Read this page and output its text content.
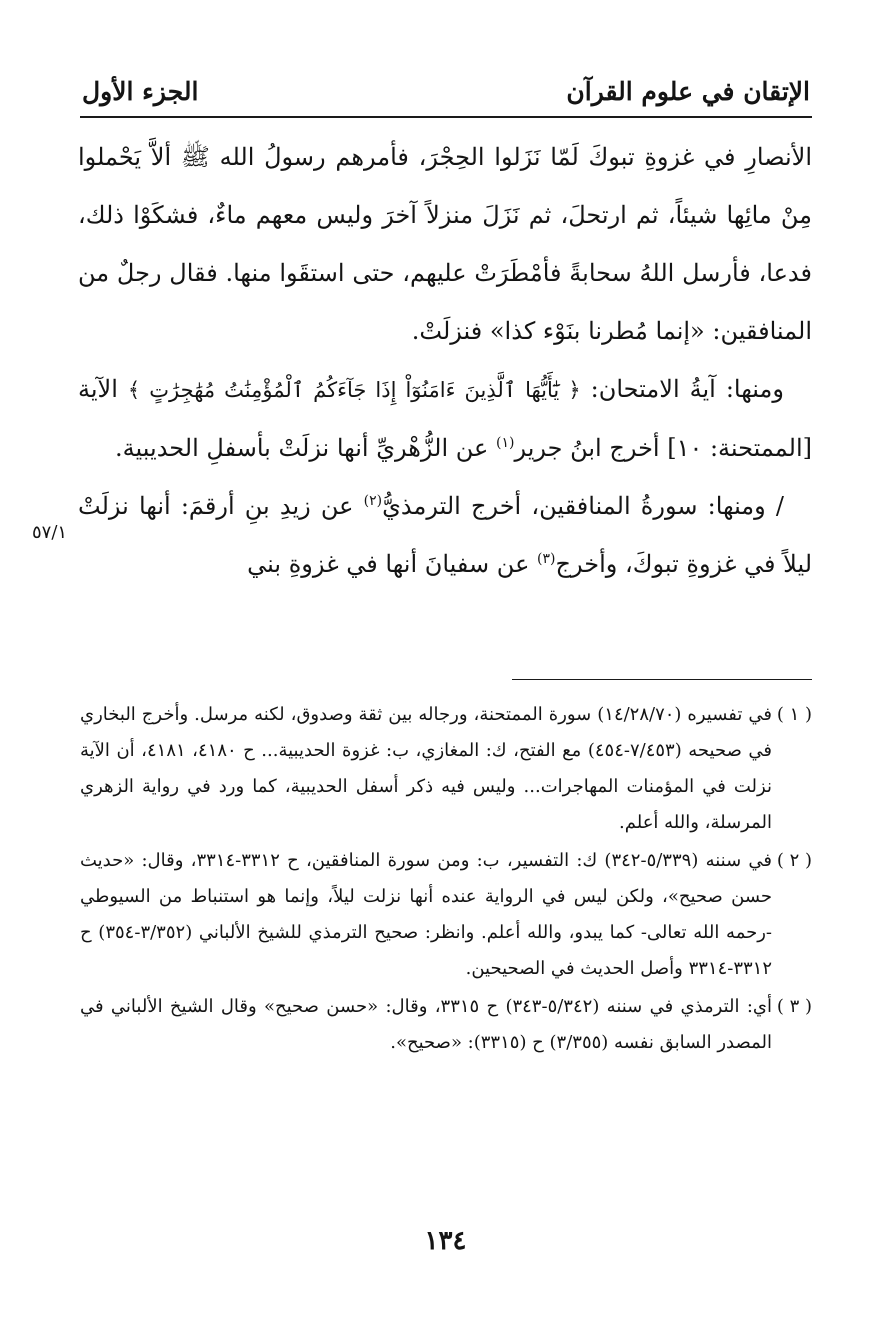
الإتقان في علوم القرآن
الجزء الأول

الأنصارِ في غزوةِ تبوكَ لَمّا نَزَلوا الحِجْرَ، فأمرهم رسولُ الله ﷺ ألاَّ يَحْملوا مِنْ مائِها شيئاً، ثم ارتحلَ، ثم نَزَلَ منزلاً آخرَ وليس معهم ماءٌ، فشكَوْا ذلك، فدعا، فأرسل اللهُ سحابةً فأمْطَرَتْ عليهم، حتى استقَوا منها. فقال رجلٌ من المنافقين: «إنما مُطرنا بنَوْء كذا» فنزلَتْ.

ومنها: آيةُ الامتحان: ﴿ يَٰٓأَيُّهَا ٱلَّذِينَ ءَامَنُوٓاْ إِذَا جَآءَكُمُ ٱلْمُؤْمِنَٰتُ مُهَٰجِرَٰتٍ ﴾ الآية [الممتحنة: ١٠] أخرج ابنُ جرير$^{(١)}$ عن الزُّهْريِّ أنها نزلَتْ بأسفلِ الحديبية.

/ ومنها: سورةُ المنافقين، أخرج الترمذيُّ$^{(٢)}$ عن زيدِ بنِ أرقمَ: أنها نزلَتْ ليلاً في غزوةِ تبوكَ، وأخرج$^{(٣)}$ عن سفيانَ أنها في غزوةِ بني

٥٧/١

( ١ )في تفسيره (١٤/٢٨/٧٠) سورة الممتحنة، ورجاله بين ثقة وصدوق، لكنه مرسل. وأخرج البخاري في صحيحه (٧/٤٥٣-٤٥٤) مع الفتح، ك: المغازي، ب: غزوة الحديبية... ح ٤١٨٠، ٤١٨١، أن الآية نزلت في المؤمنات المهاجرات... وليس فيه ذكر أسفل الحديبية، كما ورد في رواية الزهري المرسلة، والله أعلم.

( ٢ )في سننه (٥/٣٣٩-٣٤٢) ك: التفسير، ب: ومن سورة المنافقين، ح ٣٣١٢-٣٣١٤، وقال: «حديث حسن صحيح»، ولكن ليس في الرواية عنده أنها نزلت ليلاً، وإنما هو استنباط من السيوطي -رحمه الله تعالى- كما يبدو، والله أعلم. وانظر: صحيح الترمذي للشيخ الألباني (٣/٣٥٢-٣٥٤) ح ٣٣١٢-٣٣١٤ وأصل الحديث في الصحيحين.

( ٣ )أي: الترمذي في سننه (٥/٣٤٢-٣٤٣) ح ٣٣١٥، وقال: «حسن صحيح» وقال الشيخ الألباني في المصدر السابق نفسه (٣/٣٥٥) ح (٣٣١٥): «صحيح».

١٣٤
